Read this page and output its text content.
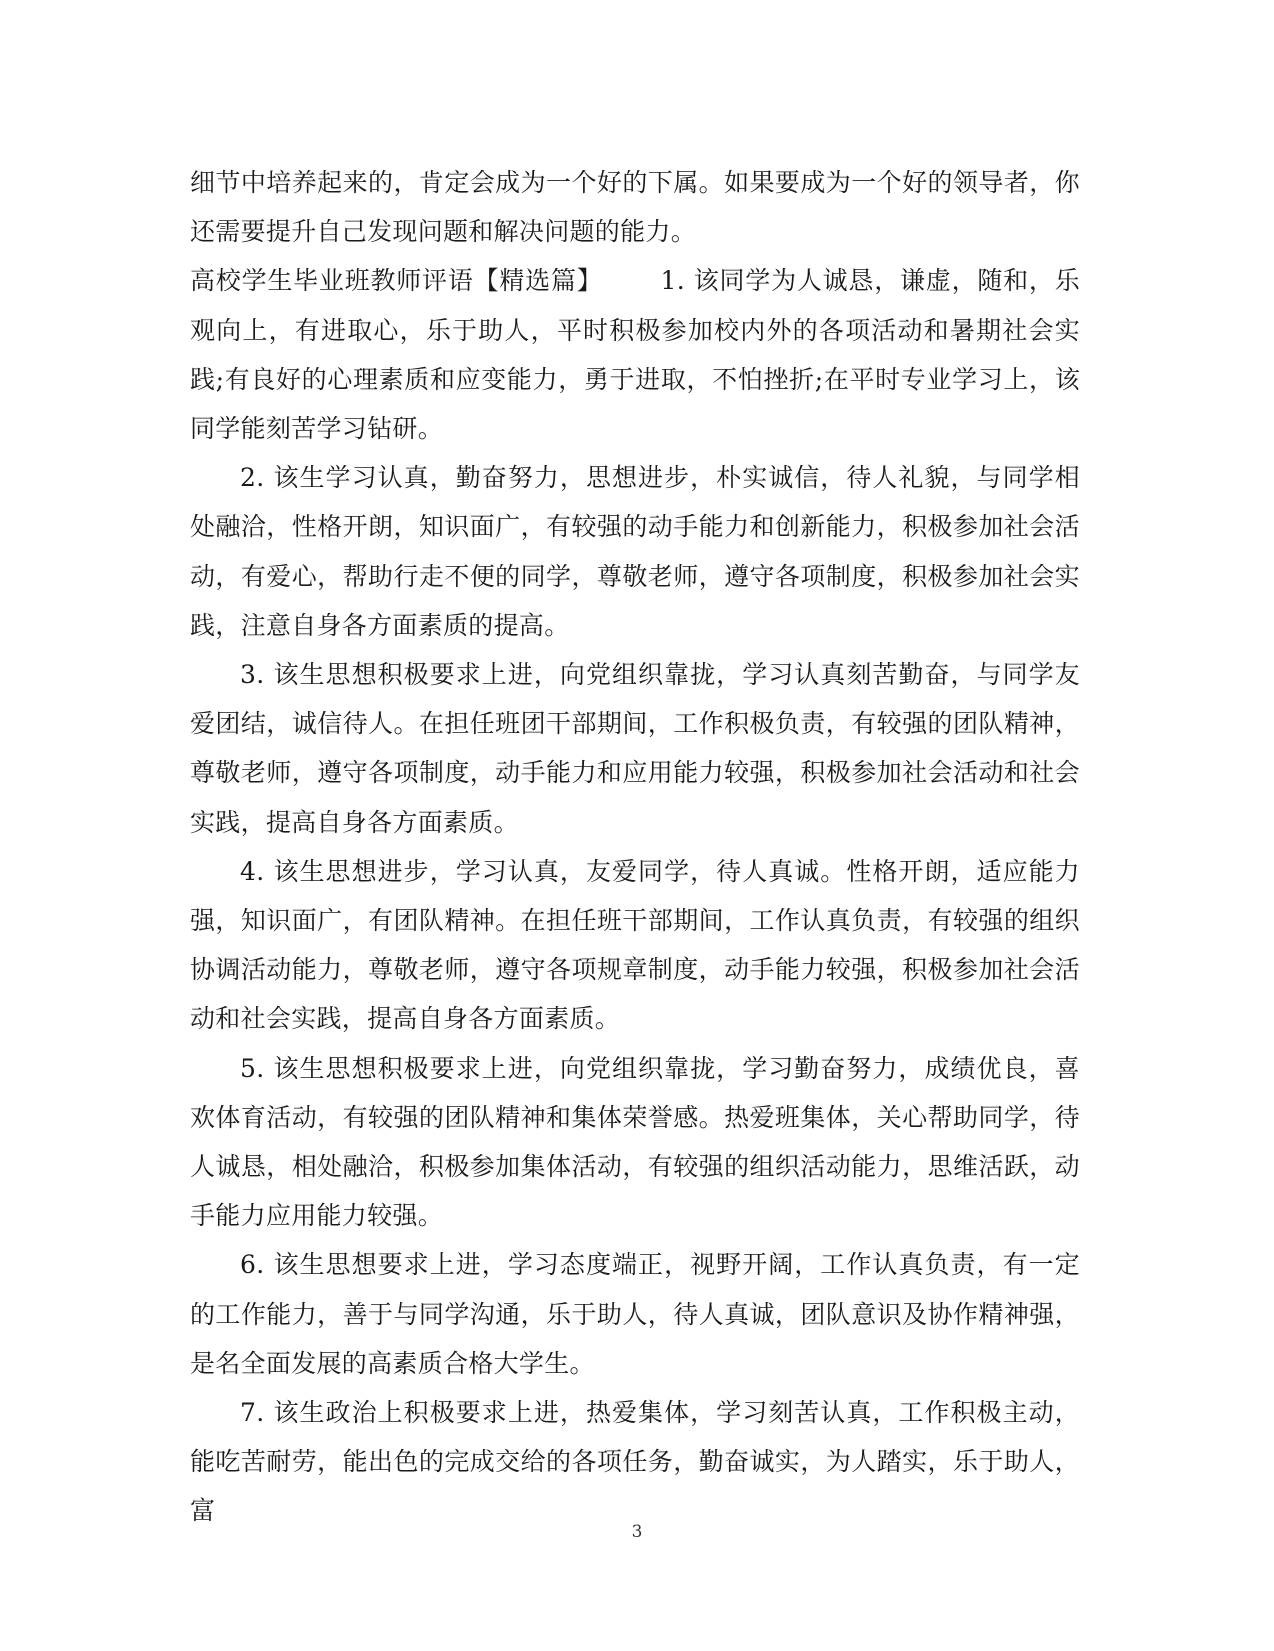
细节中培养起来的，肯定会成为一个好的下属。如果要成为一个好的领导者，你还需要提升自己发现问题和解决问题的能力。

高校学生毕业班教师评语【精选篇】 1. 该同学为人诚恳，谦虚，随和，乐观向上，有进取心，乐于助人，平时积极参加校内外的各项活动和暑期社会实践;有良好的心理素质和应变能力，勇于进取，不怕挫折;在平时专业学习上，该同学能刻苦学习钻研。

2. 该生学习认真，勤奋努力，思想进步，朴实诚信，待人礼貌，与同学相处融洽，性格开朗，知识面广，有较强的动手能力和创新能力，积极参加社会活动，有爱心，帮助行走不便的同学，尊敬老师，遵守各项制度，积极参加社会实践，注意自身各方面素质的提高。

3. 该生思想积极要求上进，向党组织靠拢，学习认真刻苦勤奋，与同学友爱团结，诚信待人。在担任班团干部期间，工作积极负责，有较强的团队精神，尊敬老师，遵守各项制度，动手能力和应用能力较强，积极参加社会活动和社会实践，提高自身各方面素质。

4. 该生思想进步，学习认真，友爱同学，待人真诚。性格开朗，适应能力强，知识面广，有团队精神。在担任班干部期间，工作认真负责，有较强的组织协调活动能力，尊敬老师，遵守各项规章制度，动手能力较强，积极参加社会活动和社会实践，提高自身各方面素质。

5. 该生思想积极要求上进，向党组织靠拢，学习勤奋努力，成绩优良，喜欢体育活动，有较强的团队精神和集体荣誉感。热爱班集体，关心帮助同学，待人诚恳，相处融洽，积极参加集体活动，有较强的组织活动能力，思维活跃，动手能力应用能力较强。

6. 该生思想要求上进，学习态度端正，视野开阔，工作认真负责，有一定的工作能力，善于与同学沟通，乐于助人，待人真诚，团队意识及协作精神强，是名全面发展的高素质合格大学生。

7. 该生政治上积极要求上进，热爱集体，学习刻苦认真，工作积极主动，能吃苦耐劳，能出色的完成交给的各项任务，勤奋诚实，为人踏实，乐于助人，富

3
